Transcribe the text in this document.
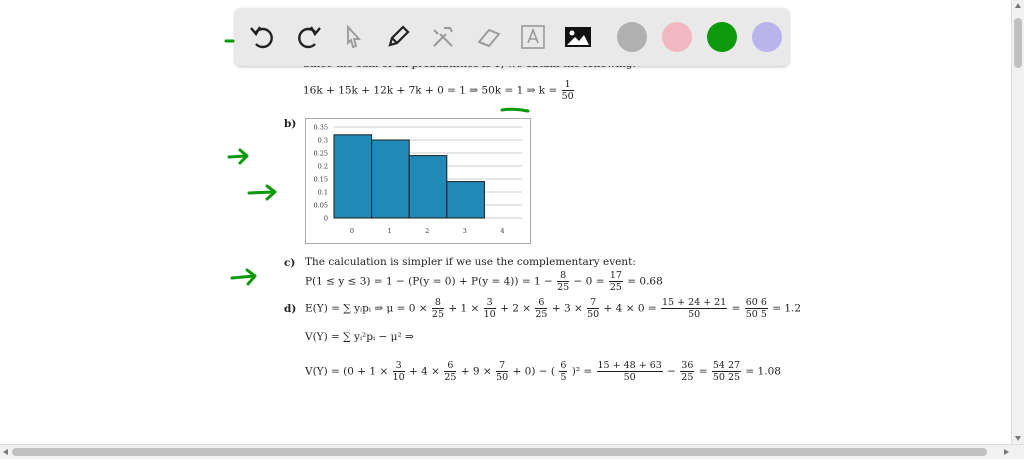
16k + 15k + 12k + 7k + 0 = 1 ⇒ 50k = 1 ⇒ $k = \frac{1}{50}$
b)
0
0.05
0.1
0.15
0.2
0.25
0.3
0.35
0	1	2	3	4
c) The calculation is simpler if we use the complementary event:
$P(1 \le y \le 3) = 1 - (P(y = 0) + P(y = 4)) = 1 - \frac{8}{25} - 0 = \frac{17}{25} = 0.68$
d) E(Y) = ∑ yᵢpᵢ ⇒ $\mu = 0 \times \frac{8}{25} + 1 \times \frac{3}{10} + 2 \times \frac{6}{25} + 3 \times \frac{7}{50} + 4 \times 0 = \frac{15 + 24 + 21}{50} = \frac{60 6}{50 5} = 1.2$
V(Y) = ∑ yᵢ²pᵢ − μ² ⇒
$V(Y) = (0 + 1 \times \frac{3}{10} + 4 \times \frac{6}{25} + 9 \times \frac{7}{50} + 0)$ − ( $\frac{6}{5} )^2 = \frac{15 + 48 + 63}{50} - \frac{36}{25} = \frac{54 27}{50 25} = 1.08$
